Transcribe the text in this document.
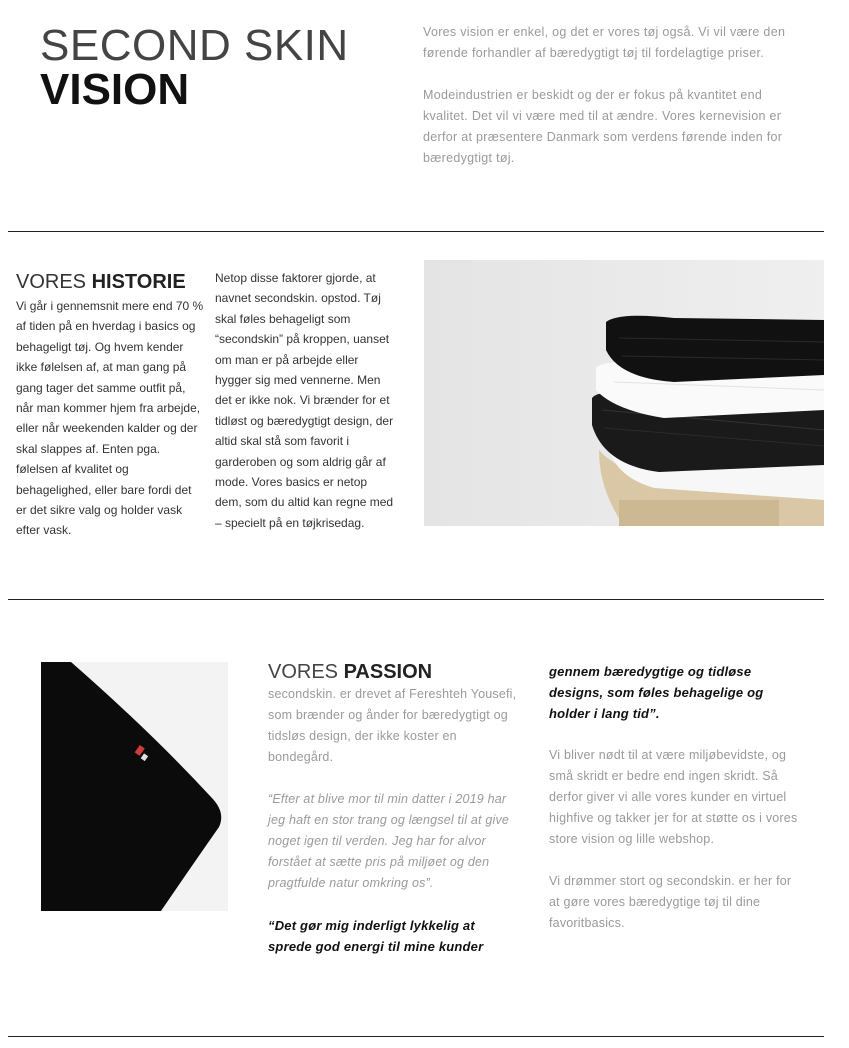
SECOND SKIN
VISION

Vores vision er enkel, og det er vores tøj også. Vi vil være den førende forhandler af bæredygtigt tøj til fordelagtige priser.

Modeindustrien er beskidt og der er fokus på kvantitet end kvalitet. Det vil vi være med til at ændre. Vores kernevision er derfor at præsentere Danmark som verdens førende inden for bæredygtigt tøj.

VORES HISTORIE
Vi går i gennemsnit mere end 70 % af tiden på en hverdag i basics og behageligt tøj. Og hvem kender ikke følelsen af, at man gang på gang tager det samme outfit på, når man kommer hjem fra arbejde, eller når weekenden kalder og der skal slappes af. Enten pga. følelsen af kvalitet og behagelighed, eller bare fordi det er det sikre valg og holder vask efter vask.
Netop disse faktorer gjorde, at navnet secondskin. opstod. Tøj skal føles behageligt som “secondskin” på kroppen, uanset om man er på arbejde eller hygger sig med vennerne. Men det er ikke nok. Vi brænder for et tidløst og bæredygtigt design, der altid skal stå som favorit i garderoben og som aldrig går af mode. Vores basics er netop dem, som du altid kan regne med – specielt på en tøjkrisedag.
VORES PASSION

secondskin. er drevet af Fereshteh Yousefi, som brænder og ånder for bæredygtigt og tidsløs design, der ikke koster en bondegård.

“Efter at blive mor til min datter i 2019 har jeg haft en stor trang og længsel til at give noget igen til verden. Jeg har for alvor forstået at sætte pris på miljøet og den pragtfulde natur omkring os”.

“Det gør mig inderligt lykkelig at sprede god energi til mine kunder

gennem bæredygtige og tidløse designs, som føles behagelige og holder i lang tid”.

Vi bliver nødt til at være miljøbevidste, og små skridt er bedre end ingen skridt. Så derfor giver vi alle vores kunder en virtuel highfive og takker jer for at støtte os i vores store vision og lille webshop.

Vi drømmer stort og secondskin. er her for at gøre vores bæredygtige tøj til dine favoritbasics.
